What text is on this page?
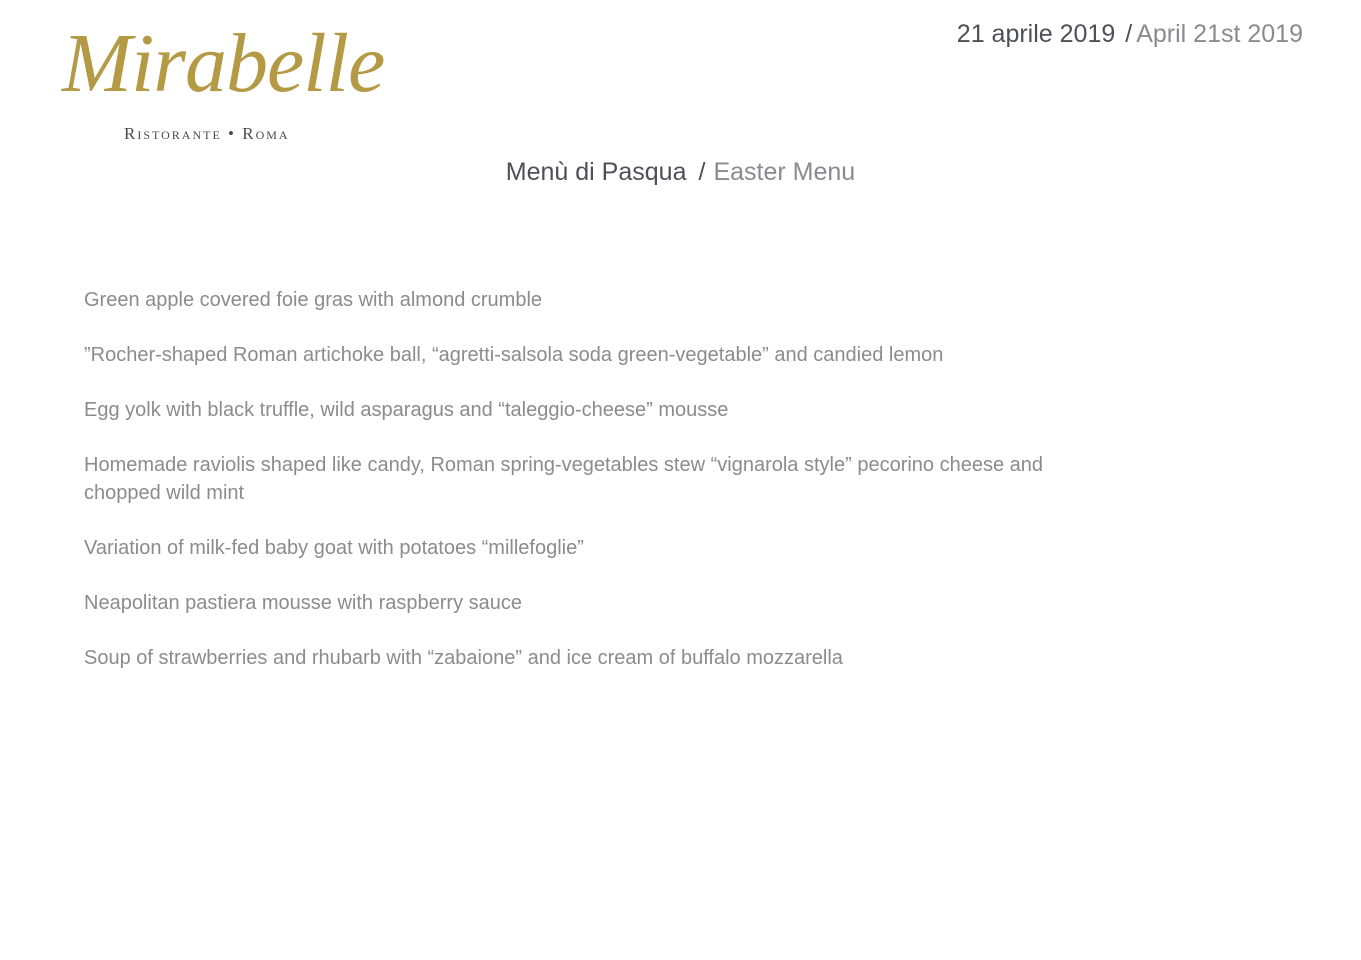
Mirabelle
Ristorante • Roma
21 aprile 2019 / April 21st 2019
Menù di Pasqua / Easter Menu
Green apple covered foie gras with almond crumble
”Rocher-shaped Roman artichoke ball, “agretti-salsola soda green-vegetable” and candied lemon
Egg yolk with black truffle, wild asparagus and “taleggio-cheese” mousse
Homemade raviolis shaped like candy, Roman spring-vegetables stew “vignarola style” pecorino cheese and chopped wild mint
Variation of milk-fed baby goat with potatoes “millefoglie”
Neapolitan pastiera mousse with raspberry sauce
Soup of strawberries and rhubarb with “zabaione” and ice cream of buffalo mozzarella
